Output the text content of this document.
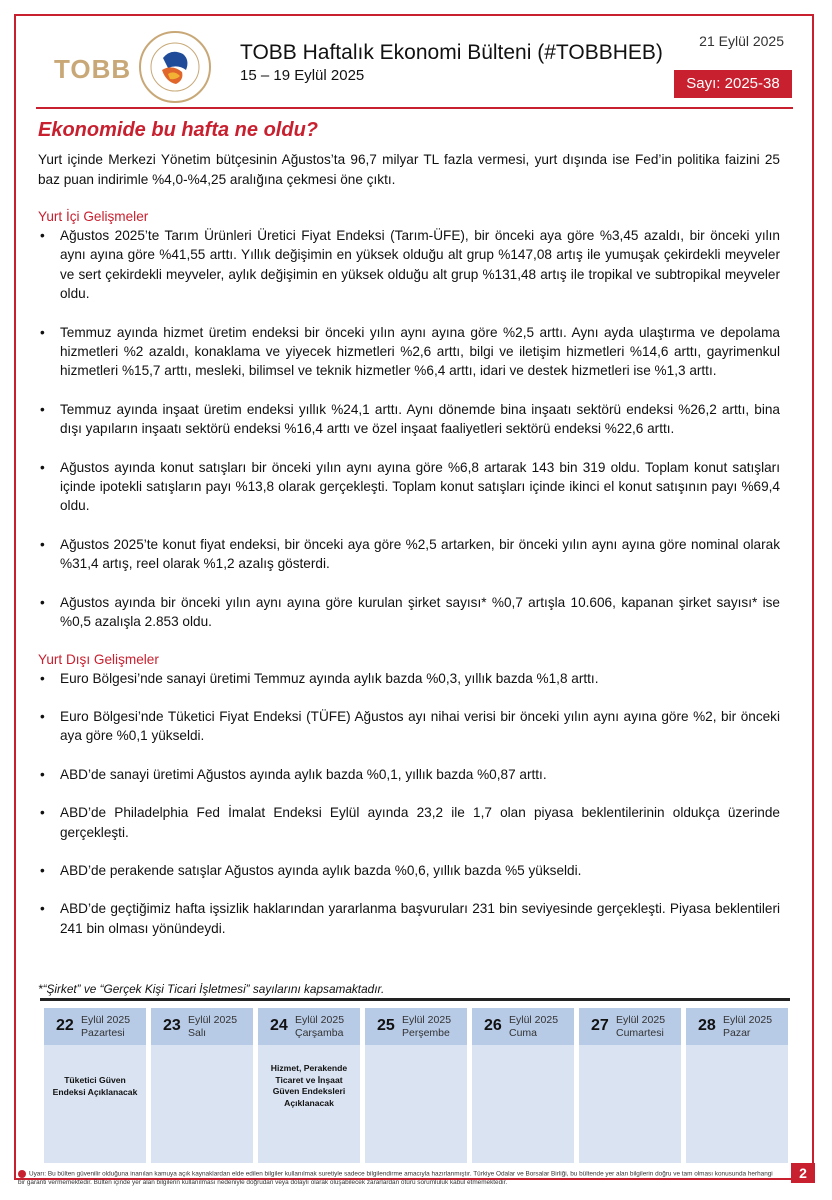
TOBB
TOBB Haftalık Ekonomi Bülteni (#TOBBHEB)
15 – 19 Eylül 2025
21 Eylül 2025
Sayı: 2025-38
Ekonomide bu hafta ne oldu?

Yurt içinde Merkezi Yönetim bütçesinin Ağustos’ta 96,7 milyar TL fazla vermesi, yurt dışında ise Fed’in politika faizini 25 baz puan indirimle %4,0-%4,25 aralığına çekmesi öne çıktı.

Yurt İçi Gelişmeler
• Ağustos 2025’te Tarım Ürünleri Üretici Fiyat Endeksi (Tarım-ÜFE), bir önceki aya göre %3,45 azaldı, bir önceki yılın aynı ayına göre %41,55 arttı. Yıllık değişimin en yüksek olduğu alt grup %147,08 artış ile yumuşak çekirdekli meyveler ve sert çekirdekli meyveler, aylık değişimin en yüksek olduğu alt grup %131,48 artış ile tropikal ve subtropikal meyveler oldu.
• Temmuz ayında hizmet üretim endeksi bir önceki yılın aynı ayına göre %2,5 arttı. Aynı ayda ulaştırma ve depolama hizmetleri %2 azaldı, konaklama ve yiyecek hizmetleri %2,6 arttı, bilgi ve iletişim hizmetleri %14,6 arttı, gayrimenkul hizmetleri %15,7 arttı, mesleki, bilimsel ve teknik hizmetler %6,4 arttı, idari ve destek hizmetleri ise %1,3 arttı.
• Temmuz ayında inşaat üretim endeksi yıllık %24,1 arttı. Aynı dönemde bina inşaatı sektörü endeksi %26,2 arttı, bina dışı yapıların inşaatı sektörü endeksi %16,4 arttı ve özel inşaat faaliyetleri sektörü endeksi %22,6 arttı.
• Ağustos ayında konut satışları bir önceki yılın aynı ayına göre %6,8 artarak 143 bin 319 oldu. Toplam konut satışları içinde ipotekli satışların payı %13,8 olarak gerçekleşti. Toplam konut satışları içinde ikinci el konut satışının payı %69,4 oldu.
• Ağustos 2025’te konut fiyat endeksi, bir önceki aya göre %2,5 artarken, bir önceki yılın aynı ayına göre nominal olarak %31,4 artış, reel olarak %1,2 azalış gösterdi.
• Ağustos ayında bir önceki yılın aynı ayına göre kurulan şirket sayısı* %0,7 artışla 10.606, kapanan şirket sayısı* ise %0,5 azalışla 2.853 oldu.
Yurt Dışı Gelişmeler
• Euro Bölgesi’nde sanayi üretimi Temmuz ayında aylık bazda %0,3, yıllık bazda %1,8 arttı.
• Euro Bölgesi’nde Tüketici Fiyat Endeksi (TÜFE) Ağustos ayı nihai verisi bir önceki yılın aynı ayına göre %2, bir önceki aya göre %0,1 yükseldi.
• ABD’de sanayi üretimi Ağustos ayında aylık bazda %0,1, yıllık bazda %0,87 arttı.
• ABD’de Philadelphia Fed İmalat Endeksi Eylül ayında 23,2 ile 1,7 olan piyasa beklentilerinin oldukça üzerinde gerçekleşti.
• ABD’de perakende satışlar Ağustos ayında aylık bazda %0,6, yıllık bazda %5 yükseldi.
• ABD’de geçtiğimiz hafta işsizlik haklarından yararlanma başvuruları 231 bin seviyesinde gerçekleşti. Piyasa beklentileri 241 bin olması yönündeydi.

*“Şirket” ve “Gerçek Kişi Ticari İşletmesi” sayılarını kapsamaktadır.

22 Eylül 2025
Pazartesi
Tüketici Güven Endeksi Açıklanacak
23 Eylül 2025
Salı	24 Eylül 2025
Çarşamba
Hizmet, Perakende Ticaret ve İnşaat Güven Endeksleri Açıklanacak
25 Eylül 2025
Perşembe 26 Eylül 2025
Cuma	27 Eylül 2025
Cumartesi 28 Eylül 2025
Pazar
Uyarı: Bu bülten güvenilir olduğuna inanılan kamuya açık kaynaklardan elde edilen bilgiler kullanılmak suretiyle sadece bilgilendirme amacıyla hazırlanmıştır. Türkiye Odalar ve Borsalar Birliği, bu bültende yer alan bilgilerin doğru ve tam olması konusunda herhangi bir garanti vermemektedir. Bülten içinde yer alan bilgilerin kullanılması nedeniyle doğrudan veya dolaylı olarak oluşabilecek zararlardan ötürü sorumluluk kabul etmemektedir.
2
